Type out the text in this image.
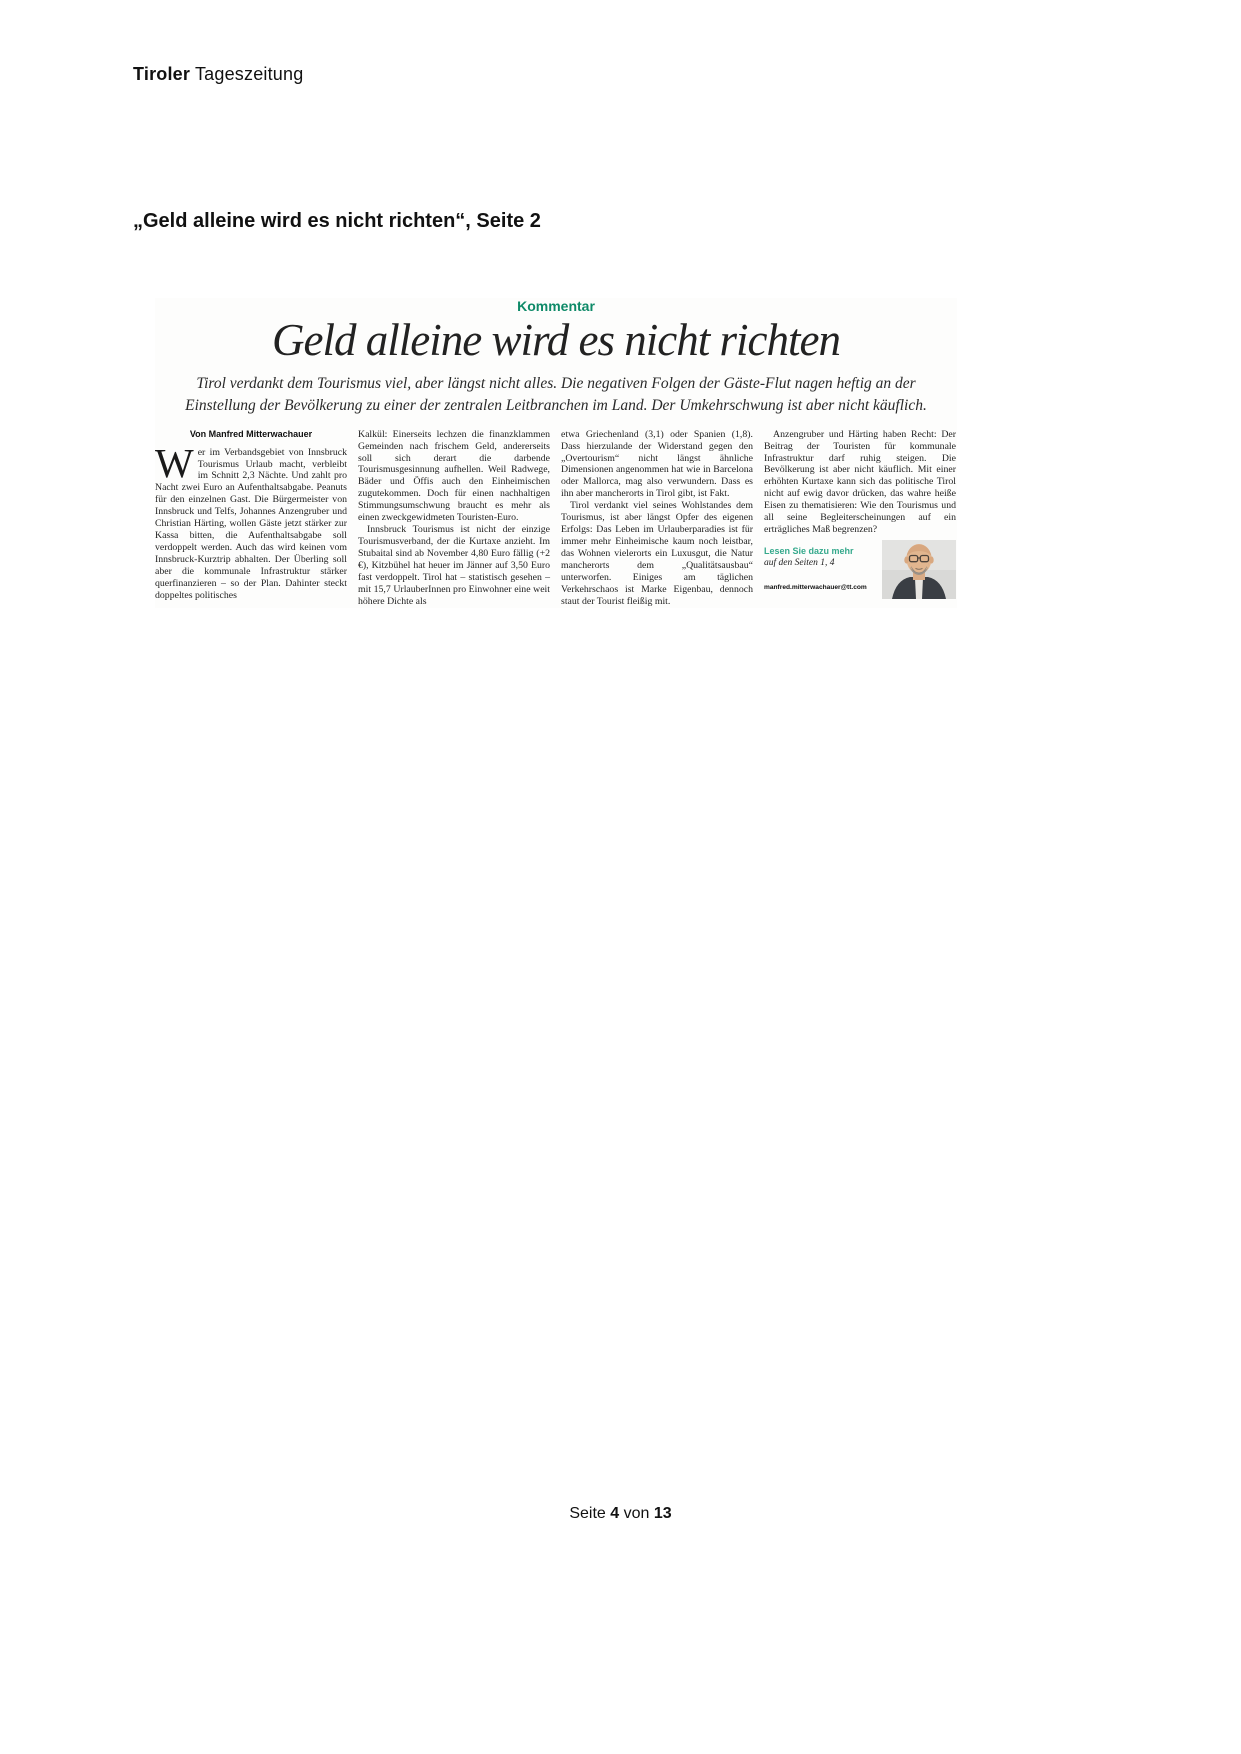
Tiroler Tageszeitung
„Geld alleine wird es nicht richten“, Seite 2
Kommentar
Geld alleine wird es nicht richten
Tirol verdankt dem Tourismus viel, aber längst nicht alles. Die negativen Folgen der Gäste-Flut nagen heftig an der
Einstellung der Bevölkerung zu einer der zentralen Leitbranchen im Land. Der Umkehrschwung ist aber nicht käuflich.
Von Manfred Mitterwachauer

Wer im Verbandsgebiet von Innsbruck Tourismus Urlaub macht, verbleibt im Schnitt 2,3 Nächte. Und zahlt pro Nacht zwei Euro an Aufenthaltsabgabe. Peanuts für den einzelnen Gast. Die Bürgermeister von Innsbruck und Telfs, Johannes Anzengruber und Christian Härting, wollen Gäste jetzt stärker zur Kassa bitten, die Aufenthaltsabgabe soll verdoppelt werden. Auch das wird keinen vom Innsbruck-Kurztrip abhalten. Der Überling soll aber die kommunale Infrastruktur stärker querfinanzieren – so der Plan. Dahinter steckt doppeltes politisches

Kalkül: Einerseits lechzen die finanzklammen Gemeinden nach frischem Geld, andererseits soll sich derart die darbende Tourismusgesinnung aufhellen. Weil Radwege, Bäder und Öffis auch den Einheimischen zugutekommen. Doch für einen nachhaltigen Stimmungsumschwung braucht es mehr als einen zweckgewidmeten Touristen-Euro.

Innsbruck Tourismus ist nicht der einzige Tourismusverband, der die Kurtaxe anzieht. Im Stubaital sind ab November 4,80 Euro fällig (+2 €), Kitzbühel hat heuer im Jänner auf 3,50 Euro fast verdoppelt. Tirol hat – statistisch gesehen – mit 15,7 UrlauberInnen pro Einwohner eine weit höhere Dichte als

etwa Griechenland (3,1) oder Spanien (1,8). Dass hierzulande der Widerstand gegen den „Overtourism“ nicht längst ähnliche Dimensionen angenommen hat wie in Barcelona oder Mallorca, mag also verwundern. Dass es ihn aber mancherorts in Tirol gibt, ist Fakt.

Tirol verdankt viel seines Wohlstandes dem Tourismus, ist aber längst Opfer des eigenen Erfolgs: Das Leben im Urlauberparadies ist für immer mehr Einheimische kaum noch leistbar, das Wohnen vielerorts ein Luxusgut, die Natur mancherorts dem „Qualitätsausbau“ unterworfen. Einiges am täglichen Verkehrschaos ist Marke Eigenbau, dennoch staut der Tourist fleißig mit.

Anzengruber und Härting haben Recht: Der Beitrag der Touristen für kommunale Infrastruktur darf ruhig steigen. Die Bevölkerung ist aber nicht käuflich. Mit einer erhöhten Kurtaxe kann sich das politische Tirol nicht auf ewig davor drücken, das wahre heiße Eisen zu thematisieren: Wie den Tourismus und all seine Begleiterscheinungen auf ein erträgliches Maß begrenzen?

Lesen Sie dazu mehr
auf den Seiten 1, 4
manfred.mitterwachauer@tt.com
Seite 4 von 13
